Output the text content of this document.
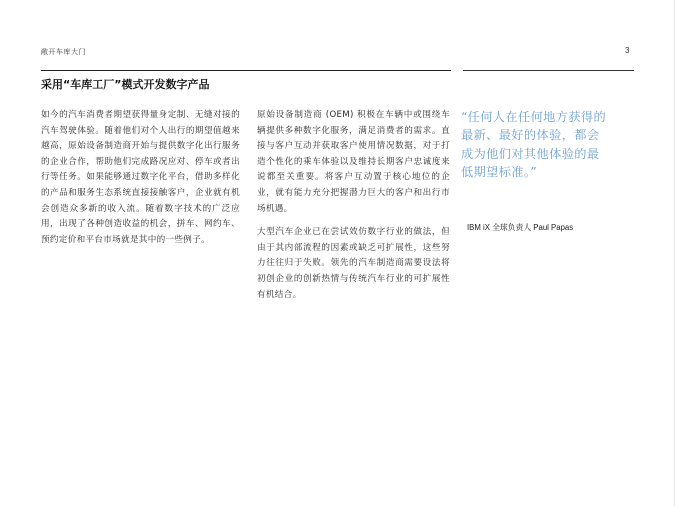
敞开车库大门	3
采用“车库工厂”模式开发数字产品

如今的汽车消费者期望获得量身定制、无缝对接的汽车驾驶体验。随着他们对个人出行的期望值越来越高，原始设备制造商开始与提供数字化出行服务的企业合作，帮助他们完成路况应对、停车或者出行等任务。如果能够通过数字化平台，借助多样化的产品和服务生态系统直接接触客户，企业就有机会创造众多新的收入流。随着数字技术的广泛应用，出现了各种创造收益的机会，拼车、网约车、预约定价和平台市场就是其中的一些例子。

原始设备制造商 (OEM) 积极在车辆中或围绕车辆提供多种数字化服务，满足消费者的需求。直接与客户互动并获取客户使用情况数据，对于打造个性化的乘车体验以及维持长期客户忠诚度来说都至关重要。将客户互动置于核心地位的企业，就有能力充分把握潜力巨大的客户和出行市场机遇。

大型汽车企业已在尝试效仿数字行业的做法，但由于其内部流程的因素或缺乏可扩展性，这些努力往往归于失败。领先的汽车制造商需要设法将初创企业的创新热情与传统汽车行业的可扩展性有机结合。

“任何人在任何地方获得的最新、最好的体验，都会成为他们对其他体验的最低期望标准。”
IBM iX 全球负责人 Paul Papas
